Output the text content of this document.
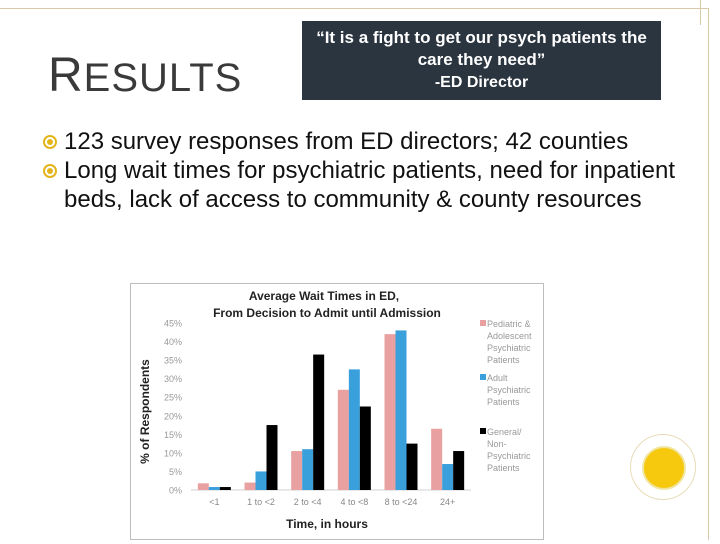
RESULTS
“It is a fight to get our psych patients the care they need”
-ED Director
123 survey responses from ED directors; 42 counties
Long wait times for psychiatric patients, need for inpatient beds, lack of access to community & county resources
Average Wait Times in ED,
From Decision to Admit until Admission
% of Respondents
0%
5%
10%
15%
20%
25%
30%
35%
40%
45%
<1	1 to <2 2 to <4 4 to <8 8 to <24	24+
Time, in hours
Pediatric &
Adolescent
Psychiatric
Patients
Adult
Psychiatric
Patients
General/
Non-
Psychiatric
Patients
